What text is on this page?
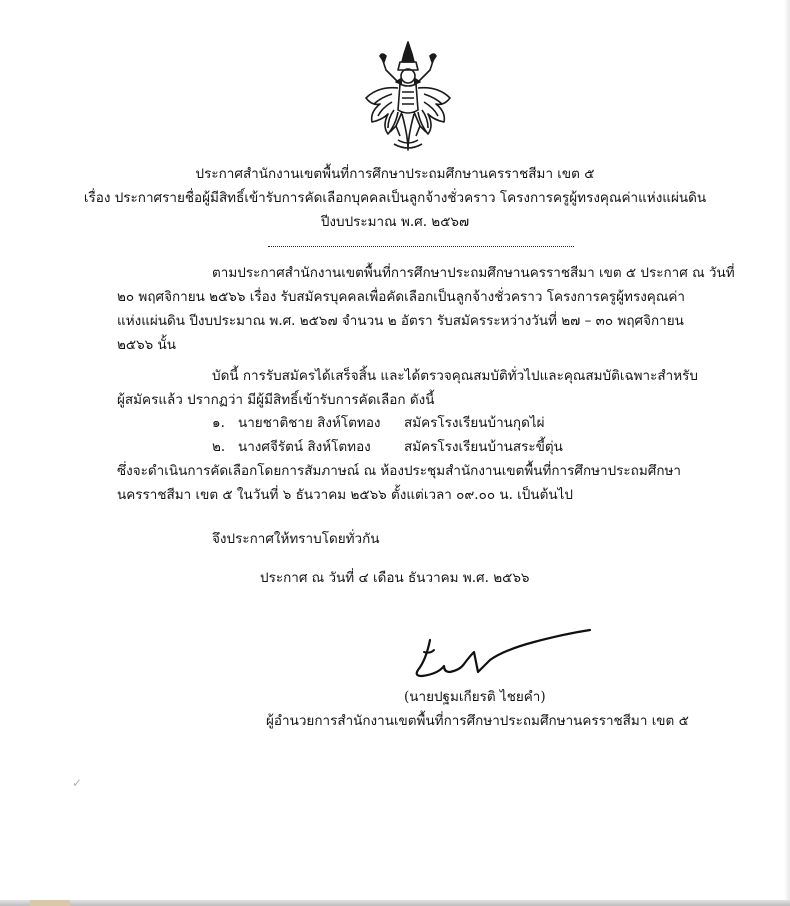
ประกาศสำนักงานเขตพื้นที่การศึกษาประถมศึกษานครราชสีมา เขต ๕
เรื่อง ประกาศรายชื่อผู้มีสิทธิ์เข้ารับการคัดเลือกบุคคลเป็นลูกจ้างชั่วคราว โครงการครูผู้ทรงคุณค่าแห่งแผ่นดิน
ปีงบประมาณ พ.ศ. ๒๕๖๗
ตามประกาศสำนักงานเขตพื้นที่การศึกษาประถมศึกษานครราชสีมา เขต ๕ ประกาศ ณ วันที่
๒๐ พฤศจิกายน ๒๕๖๖ เรื่อง รับสมัครบุคคลเพื่อคัดเลือกเป็นลูกจ้างชั่วคราว โครงการครูผู้ทรงคุณค่า
แห่งแผ่นดิน ปีงบประมาณ พ.ศ. ๒๕๖๗ จำนวน ๒ อัตรา รับสมัครระหว่างวันที่ ๒๗ – ๓๐ พฤศจิกายน
๒๕๖๖ นั้น
บัดนี้ การรับสมัครได้เสร็จสิ้น และได้ตรวจคุณสมบัติทั่วไปและคุณสมบัติเฉพาะสำหรับ
ผู้สมัครแล้ว ปรากฏว่า มีผู้มีสิทธิ์เข้ารับการคัดเลือก ดังนี้
๑. นายชาติชาย สิงห์โตทอง สมัครโรงเรียนบ้านกุดไผ่
๒. นางศจีรัตน์ สิงห์โตทอง สมัครโรงเรียนบ้านสระขี้ตุ่น
ซึ่งจะดำเนินการคัดเลือกโดยการสัมภาษณ์ ณ ห้องประชุมสำนักงานเขตพื้นที่การศึกษาประถมศึกษา
นครราชสีมา เขต ๕ ในวันที่ ๖ ธันวาคม ๒๕๖๖ ตั้งแต่เวลา ๐๙.๐๐ น. เป็นต้นไป
จึงประกาศให้ทราบโดยทั่วกัน
ประกาศ ณ วันที่ ๔ เดือน ธันวาคม พ.ศ. ๒๕๖๖
(นายปฐมเกียรติ ไชยคำ)
ผู้อำนวยการสำนักงานเขตพื้นที่การศึกษาประถมศึกษานครราชสีมา เขต ๕
✓
